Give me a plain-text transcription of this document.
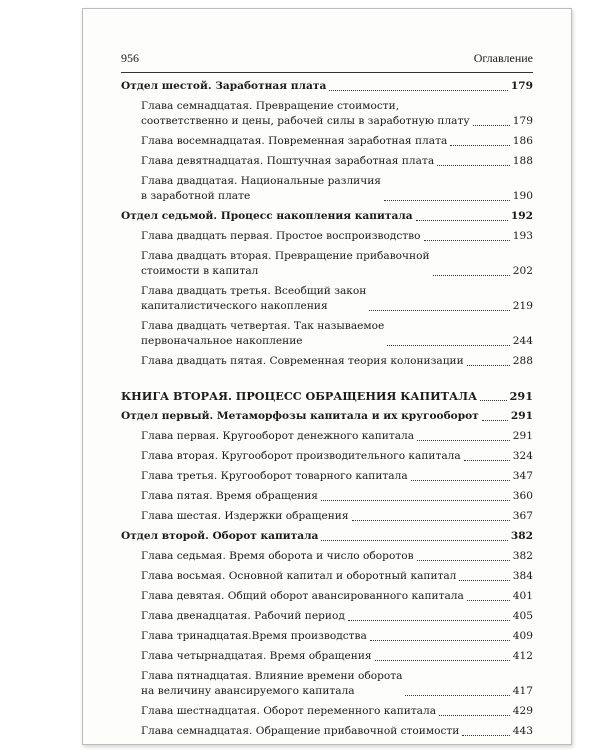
956	Оглавление
Отдел шестой. Заработная плата	179
Глава семнадцатая. Превращение стоимости,
соответственно и цены, рабочей силы в заработную плату	179
Глава восемнадцатая. Повременная заработная плата	186
Глава девятнадцатая. Поштучная заработная плата	188
Глава двадцатая. Национальные различия
в заработной плате	190
Отдел седьмой. Процесс накопления капитала	192
Глава двадцать первая. Простое воспроизводство	193
Глава двадцать вторая. Превращение прибавочной
стоимости в капитал	202
Глава двадцать третья. Всеобщий закон
капиталистического накопления	219
Глава двадцать четвертая. Так называемое
первоначальное накопление	244
Глава двадцать пятая. Современная теория колонизации	288
КНИГА ВТОРАЯ. ПРОЦЕСС ОБРАЩЕНИЯ КАПИТАЛА	291
Отдел первый. Метаморфозы капитала и их кругооборот	291
Глава первая. Кругооборот денежного капитала	291
Глава вторая. Кругооборот производительного капитала	324
Глава третья. Кругооборот товарного капитала	347
Глава пятая. Время обращения	360
Глава шестая. Издержки обращения	367
Отдел второй. Оборот капитала	382
Глава седьмая. Время оборота и число оборотов	382
Глава восьмая. Основной капитал и оборотный капитал	384
Глава девятая. Общий оборот авансированного капитала	401
Глава двенадцатая. Рабочий период	405
Глава тринадцатая.Время производства	409
Глава четырнадцатая. Время обращения	412
Глава пятнадцатая. Влияние времени оборота
на величину авансируемого капитала	417
Глава шестнадцатая. Оборот переменного капитала	429
Глава семнадцатая. Обращение прибавочной стоимости	443
